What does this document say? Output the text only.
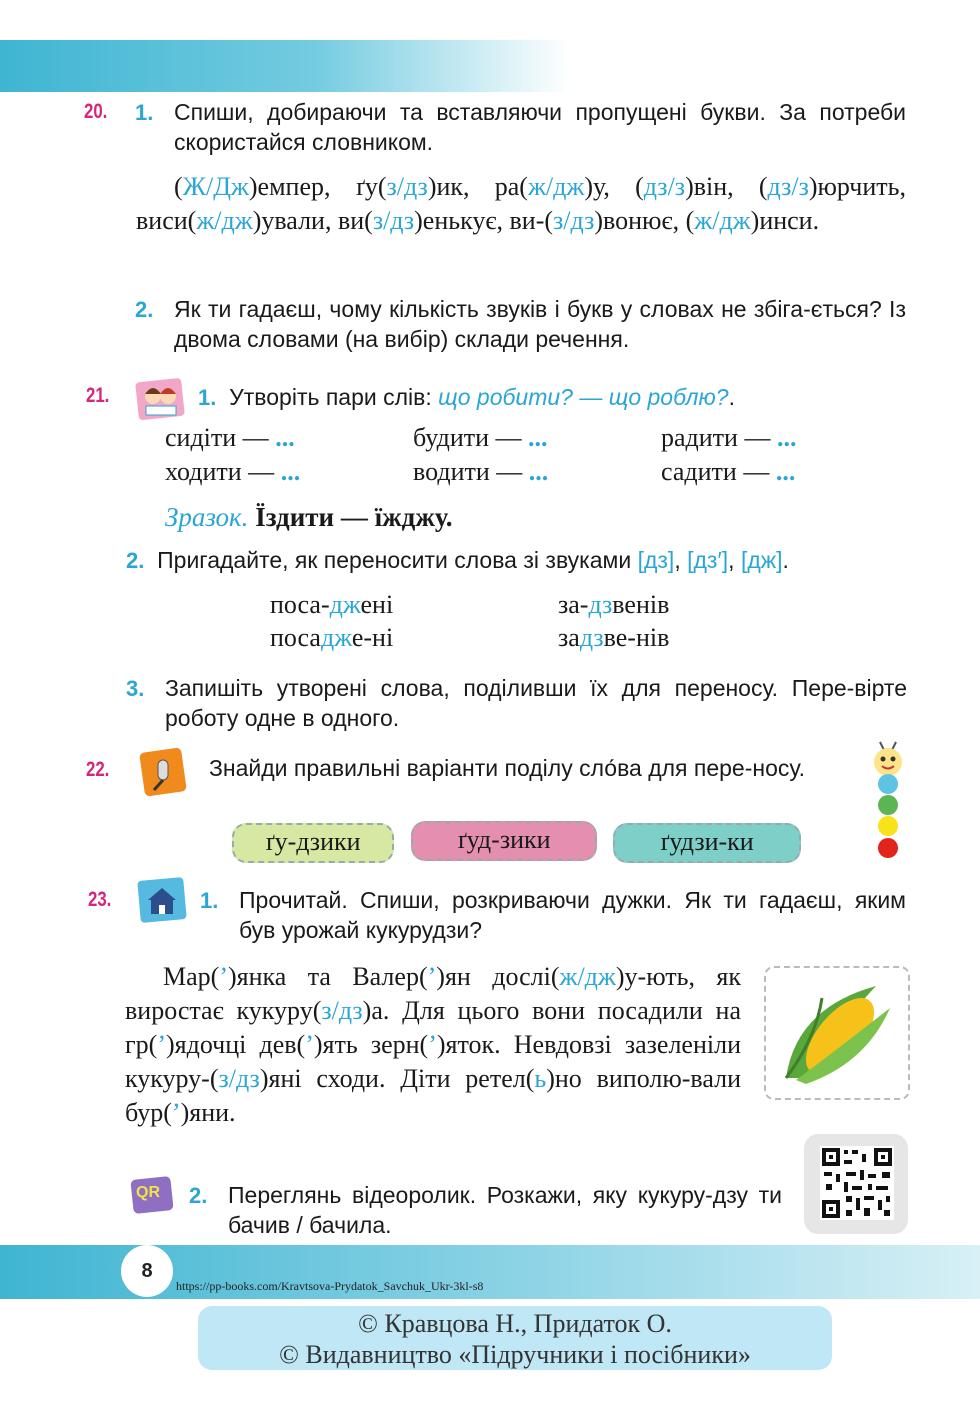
20. 1. Спиши, добираючи та вставляючи пропущені букви. За потреби скористайся словником.
(Ж/Дж)емпер, ґу(з/дз)ик, ра(ж/дж)у, (дз/з)він, (дз/з)юрчить, виси(ж/дж)ували, ви(з/дз)енькує, ви-(з/дз)вонює, (ж/дж)инси.
2. Як ти гадаєш, чому кількість звуків і букв у словах не збіга-ється? Із двома словами (на вибір) склади речення.
21.	1. Утворіть пари слів: що робити? — що роблю?.
сидіти — ...	будити — ...	радити — ...
ходити — ...	водити — ...	садити — ...
Зразок. Їздити — їжджу.
2. Пригадайте, як переносити слова зі звуками [дз], [дз′], [дж].
поса-джені	за-дзвенів
посадже-ні	задзве-нів
3. Запишіть утворені слова, поділивши їх для переносу. Пере-вірте роботу одне в одного.
22.	Знайди правильні варіанти поділу сло́ва для пере-носу.
ґу-дзики	ґуд-зики	ґудзи-ки
23.	1. Прочитай. Спиши, розкриваючи дужки. Як ти гадаєш, яким був урожай кукурудзи?
Мар(’)янка та Валер(’)ян дослі(ж/дж)у-ють, як виростає кукуру(з/дз)а. Для цього вони посадили на гр(’)ядочці дев(’)ять зерн(’)яток. Невдовзі зазеленіли кукуру-(з/дз)яні сходи. Діти ретел(ь)но виполю-вали бур(’)яни.
QR 2. Переглянь відеоролик. Розкажи, яку кукуру-дзу ти бачив / бачила.
8
https://pp-books.com/Kravtsova-Prydatok_Savchuk_Ukr-3kl-s8
© Кравцова Н., Придаток О.
© Видавництво «Підручники і посібники»
